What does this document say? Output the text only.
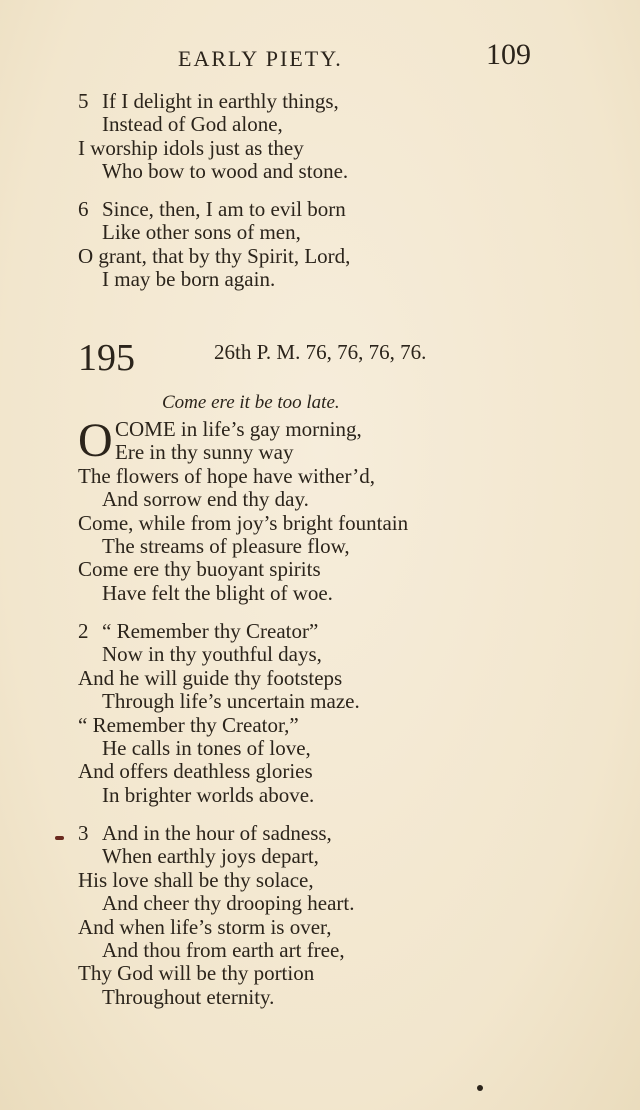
EARLY PIETY.	109
5 If I delight in earthly things,
Instead of God alone,
I worship idols just as they
Who bow to wood and stone.
6 Since, then, I am to evil born
Like other sons of men,
O grant, that by thy Spirit, Lord,
I may be born again.
195	26th P. M. 76, 76, 76, 76.
Come ere it be too late.
O COME in life’s gay morning,
Ere in thy sunny way
The flowers of hope have wither’d,
And sorrow end thy day.
Come, while from joy’s bright fountain
The streams of pleasure flow,
Come ere thy buoyant spirits
Have felt the blight of woe.
2 “ Remember thy Creator”
Now in thy youthful days,
And he will guide thy footsteps
Through life’s uncertain maze.
“ Remember thy Creator,”
He calls in tones of love,
And offers deathless glories
In brighter worlds above.
3 And in the hour of sadness,
When earthly joys depart,
His love shall be thy solace,
And cheer thy drooping heart.
And when life’s storm is over,
And thou from earth art free,
Thy God will be thy portion
Throughout eternity.
